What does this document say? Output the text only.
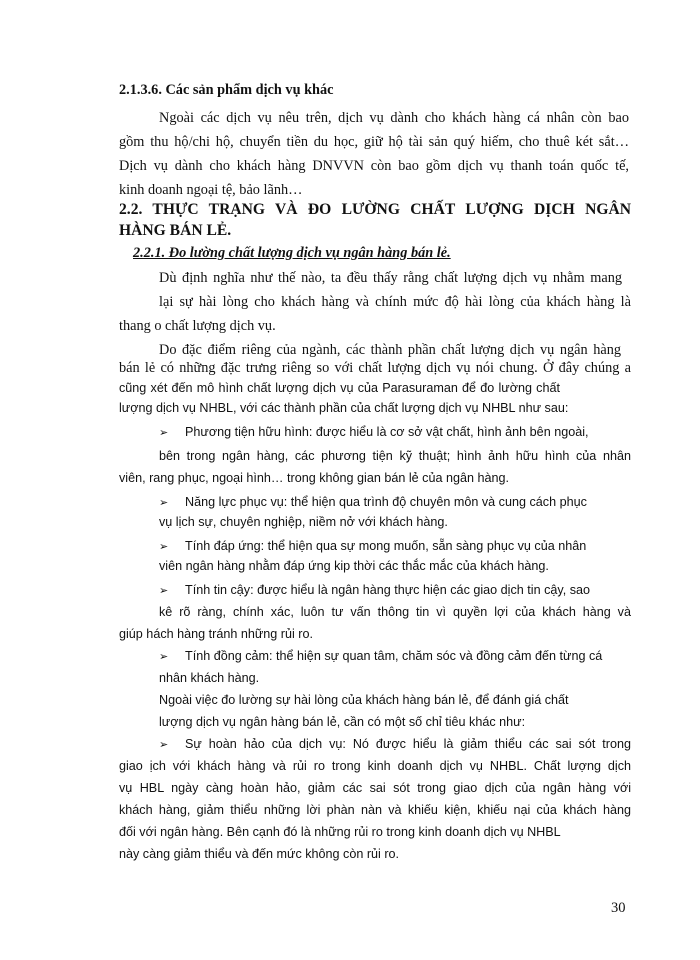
2.1.3.6. Các sản phẩm dịch vụ khác
Ngoài các dịch vụ nêu trên, dịch vụ dành cho khách hàng cá nhân còn bao
gồm thu hộ/chi hộ, chuyển tiền du học, giữ hộ tài sản quý hiếm, cho thuê két sắt…
Dịch vụ dành cho khách hàng DNVVN còn bao gồm dịch vụ thanh toán quốc tế,
kinh doanh ngoại tệ, bảo lãnh…
2.2. THỰC TRẠNG VÀ ĐO LƯỜNG CHẤT LƯỢNG DỊCH NGÂN
HÀNG BÁN LẺ.
2.2.1. Đo lường chất lượng dịch vụ ngân hàng bán lẻ.
Dù định nghĩa như thế nào, ta đều thấy rằng chất lượng dịch vụ nhằm mang
lại sự hài lòng cho khách hàng và chính mức độ hài lòng của khách hàng là
thang o chất lượng dịch vụ.
Do đặc điểm riêng của ngành, các thành phần chất lượng dịch vụ ngân hàng
bán lẻ có những đặc trưng riêng so với chất lượng dịch vụ nói chung. Ở đây chúng a
cũng xét đến mô hình chất lượng dịch vụ của Parasuraman để đo lường chất
lượng dịch vụ NHBL, với các thành phần của chất lượng dịch vụ NHBL như sau:
➢ Phương tiện hữu hình: được hiểu là cơ sở vật chất, hình ảnh bên ngoài,
bên trong ngân hàng, các phương tiện kỹ thuật; hình ảnh hữu hình của nhân
viên, rang phục, ngoại hình… trong không gian bán lẻ của ngân hàng.
➢ Năng lực phục vụ: thể hiện qua trình độ chuyên môn và cung cách phục
vụ lịch sự, chuyên nghiệp, niềm nở với khách hàng.
➢ Tính đáp ứng: thể hiện qua sự mong muốn, sẵn sàng phục vụ của nhân
viên ngân hàng nhằm đáp ứng kip thời các thắc mắc của khách hàng.
➢ Tính tin cậy: được hiểu là ngân hàng thực hiện các giao dịch tin cậy, sao
kê rõ ràng, chính xác, luôn tư vấn thông tin vì quyền lợi của khách hàng và
giúp hách hàng tránh những rủi ro.
➢ Tính đồng cảm: thể hiện sự quan tâm, chăm sóc và đồng cảm đến từng cá
nhân khách hàng.
Ngoài việc đo lường sự hài lòng của khách hàng bán lẻ, để đánh giá chất
lượng dịch vụ ngân hàng bán lẻ, cần có một số chỉ tiêu khác như:
➢ Sự hoàn hảo của dịch vụ: Nó được hiểu là giảm thiểu các sai sót trong
giao ịch với khách hàng và rủi ro trong kinh doanh dịch vụ NHBL. Chất lượng dịch
vụ HBL ngày càng hoàn hảo, giảm các sai sót trong giao dịch của ngân hàng với
khách hàng, giảm thiểu những lời phàn nàn và khiếu kiện, khiếu nại của khách hàng
đối với ngân hàng. Bên cạnh đó là những rủi ro trong kinh doanh dịch vụ NHBL
này càng giảm thiểu và đến mức không còn rủi ro.
30
